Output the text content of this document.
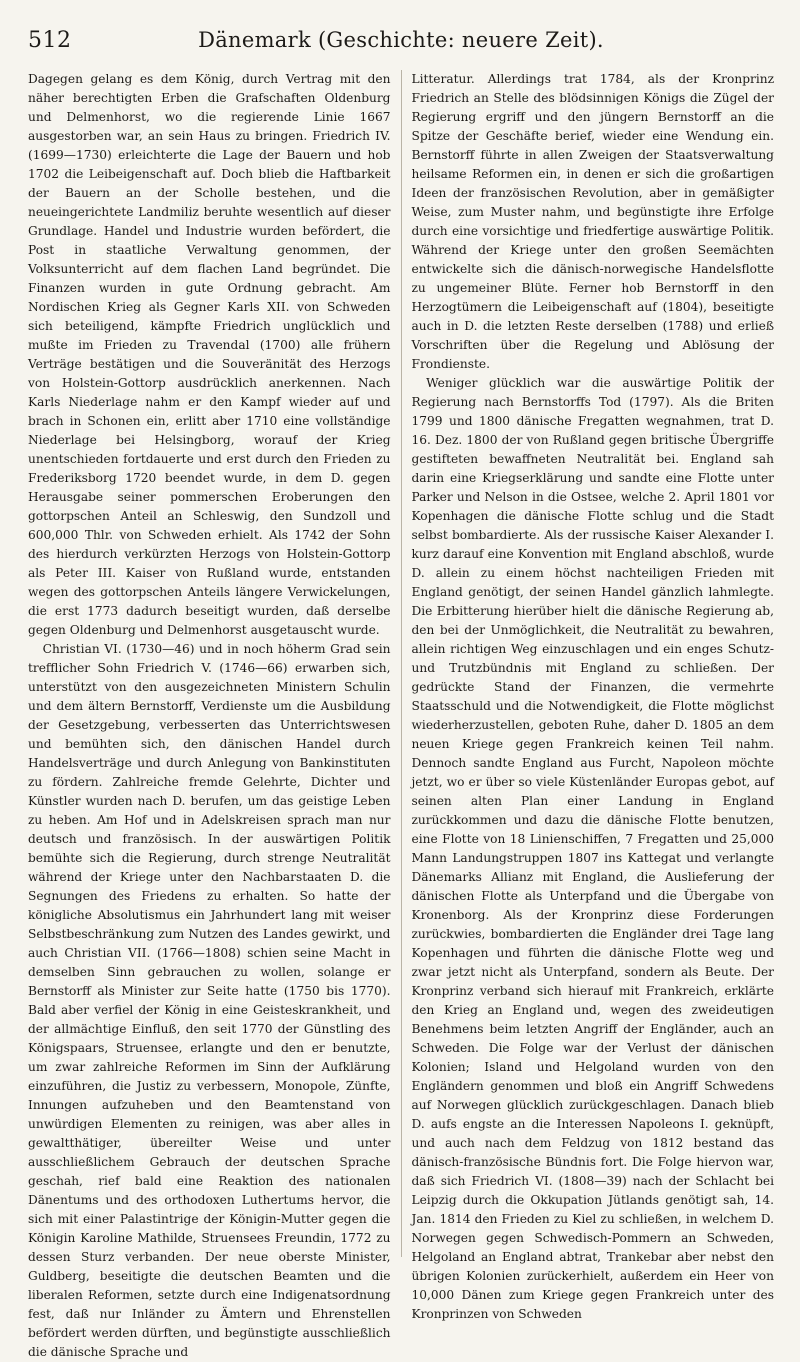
512	Dänemark (Geschichte: neuere Zeit).

Dagegen gelang es dem König, durch Vertrag mit den näher berechtigten Erben die Grafschaften Oldenburg und Delmenhorst, wo die regierende Linie 1667 ausgestorben war, an sein Haus zu bringen. Friedrich IV. (1699—1730) erleichterte die Lage der Bauern und hob 1702 die Leibeigenschaft auf. Doch blieb die Haftbarkeit der Bauern an der Scholle bestehen, und die neueingerichtete Landmiliz beruhte wesentlich auf dieser Grundlage. Handel und Industrie wurden befördert, die Post in staatliche Verwaltung genommen, der Volksunterricht auf dem flachen Land begründet. Die Finanzen wurden in gute Ordnung gebracht. Am Nordischen Krieg als Gegner Karls XII. von Schweden sich beteiligend, kämpfte Friedrich unglücklich und mußte im Frieden zu Travendal (1700) alle frühern Verträge bestätigen und die Souveränität des Herzogs von Holstein-Gottorp ausdrücklich anerkennen. Nach Karls Niederlage nahm er den Kampf wieder auf und brach in Schonen ein, erlitt aber 1710 eine vollständige Niederlage bei Helsingborg, worauf der Krieg unentschieden fortdauerte und erst durch den Frieden zu Frederiksborg 1720 beendet wurde, in dem D. gegen Herausgabe seiner pommerschen Eroberungen den gottorpschen Anteil an Schleswig, den Sundzoll und 600,000 Thlr. von Schweden erhielt. Als 1742 der Sohn des hierdurch verkürzten Herzogs von Holstein-Gottorp als Peter III. Kaiser von Rußland wurde, entstanden wegen des gottorpschen Anteils längere Verwickelungen, die erst 1773 dadurch beseitigt wurden, daß derselbe gegen Oldenburg und Delmenhorst ausgetauscht wurde.

Christian VI. (1730—46) und in noch höherm Grad sein trefflicher Sohn Friedrich V. (1746—66) erwarben sich, unterstützt von den ausgezeichneten Ministern Schulin und dem ältern Bernstorff, Verdienste um die Ausbildung der Gesetzgebung, verbesserten das Unterrichtswesen und bemühten sich, den dänischen Handel durch Handelsverträge und durch Anlegung von Bankinstituten zu fördern. Zahlreiche fremde Gelehrte, Dichter und Künstler wurden nach D. berufen, um das geistige Leben zu heben. Am Hof und in Adelskreisen sprach man nur deutsch und französisch. In der auswärtigen Politik bemühte sich die Regierung, durch strenge Neutralität während der Kriege unter den Nachbarstaaten D. die Segnungen des Friedens zu erhalten. So hatte der königliche Absolutismus ein Jahrhundert lang mit weiser Selbstbeschränkung zum Nutzen des Landes gewirkt, und auch Christian VII. (1766—1808) schien seine Macht in demselben Sinn gebrauchen zu wollen, solange er Bernstorff als Minister zur Seite hatte (1750 bis 1770). Bald aber verfiel der König in eine Geisteskrankheit, und der allmächtige Einfluß, den seit 1770 der Günstling des Königspaars, Struensee, erlangte und den er benutzte, um zwar zahlreiche Reformen im Sinn der Aufklärung einzuführen, die Justiz zu verbessern, Monopole, Zünfte, Innungen aufzuheben und den Beamtenstand von unwürdigen Elementen zu reinigen, was aber alles in gewaltthätiger, übereilter Weise und unter ausschließlichem Gebrauch der deutschen Sprache geschah, rief bald eine Reaktion des nationalen Dänentums und des orthodoxen Luthertums hervor, die sich mit einer Palastintrige der Königin-Mutter gegen die Königin Karoline Mathilde, Struensees Freundin, 1772 zu dessen Sturz verbanden. Der neue oberste Minister, Guldberg, beseitigte die deutschen Beamten und die liberalen Reformen, setzte durch eine Indigenatsordnung fest, daß nur Inländer zu Ämtern und Ehrenstellen befördert werden dürften, und begünstigte ausschließlich die dänische Sprache und

Litteratur. Allerdings trat 1784, als der Kronprinz Friedrich an Stelle des blödsinnigen Königs die Zügel der Regierung ergriff und den jüngern Bernstorff an die Spitze der Geschäfte berief, wieder eine Wendung ein. Bernstorff führte in allen Zweigen der Staatsverwaltung heilsame Reformen ein, in denen er sich die großartigen Ideen der französischen Revolution, aber in gemäßigter Weise, zum Muster nahm, und begünstigte ihre Erfolge durch eine vorsichtige und friedfertige auswärtige Politik. Während der Kriege unter den großen Seemächten entwickelte sich die dänisch-norwegische Handelsflotte zu ungemeiner Blüte. Ferner hob Bernstorff in den Herzogtümern die Leibeigenschaft auf (1804), beseitigte auch in D. die letzten Reste derselben (1788) und erließ Vorschriften über die Regelung und Ablösung der Frondienste.

Weniger glücklich war die auswärtige Politik der Regierung nach Bernstorffs Tod (1797). Als die Briten 1799 und 1800 dänische Fregatten wegnahmen, trat D. 16. Dez. 1800 der von Rußland gegen britische Übergriffe gestifteten bewaffneten Neutralität bei. England sah darin eine Kriegserklärung und sandte eine Flotte unter Parker und Nelson in die Ostsee, welche 2. April 1801 vor Kopenhagen die dänische Flotte schlug und die Stadt selbst bombardierte. Als der russische Kaiser Alexander I. kurz darauf eine Konvention mit England abschloß, wurde D. allein zu einem höchst nachteiligen Frieden mit England genötigt, der seinen Handel gänzlich lahmlegte. Die Erbitterung hierüber hielt die dänische Regierung ab, den bei der Unmöglichkeit, die Neutralität zu bewahren, allein richtigen Weg einzuschlagen und ein enges Schutz- und Trutzbündnis mit England zu schließen. Der gedrückte Stand der Finanzen, die vermehrte Staatsschuld und die Notwendigkeit, die Flotte möglichst wiederherzustellen, geboten Ruhe, daher D. 1805 an dem neuen Kriege gegen Frankreich keinen Teil nahm. Dennoch sandte England aus Furcht, Napoleon möchte jetzt, wo er über so viele Küstenländer Europas gebot, auf seinen alten Plan einer Landung in England zurückkommen und dazu die dänische Flotte benutzen, eine Flotte von 18 Linienschiffen, 7 Fregatten und 25,000 Mann Landungstruppen 1807 ins Kattegat und verlangte Dänemarks Allianz mit England, die Auslieferung der dänischen Flotte als Unterpfand und die Übergabe von Kronenborg. Als der Kronprinz diese Forderungen zurückwies, bombardierten die Engländer drei Tage lang Kopenhagen und führten die dänische Flotte weg und zwar jetzt nicht als Unterpfand, sondern als Beute. Der Kronprinz verband sich hierauf mit Frankreich, erklärte den Krieg an England und, wegen des zweideutigen Benehmens beim letzten Angriff der Engländer, auch an Schweden. Die Folge war der Verlust der dänischen Kolonien; Island und Helgoland wurden von den Engländern genommen und bloß ein Angriff Schwedens auf Norwegen glücklich zurückgeschlagen. Danach blieb D. aufs engste an die Interessen Napoleons I. geknüpft, und auch nach dem Feldzug von 1812 bestand das dänisch-französische Bündnis fort. Die Folge hiervon war, daß sich Friedrich VI. (1808—39) nach der Schlacht bei Leipzig durch die Okkupation Jütlands genötigt sah, 14. Jan. 1814 den Frieden zu Kiel zu schließen, in welchem D. Norwegen gegen Schwedisch-Pommern an Schweden, Helgoland an England abtrat, Trankebar aber nebst den übrigen Kolonien zurückerhielt, außerdem ein Heer von 10,000 Dänen zum Kriege gegen Frankreich unter des Kronprinzen von Schweden
